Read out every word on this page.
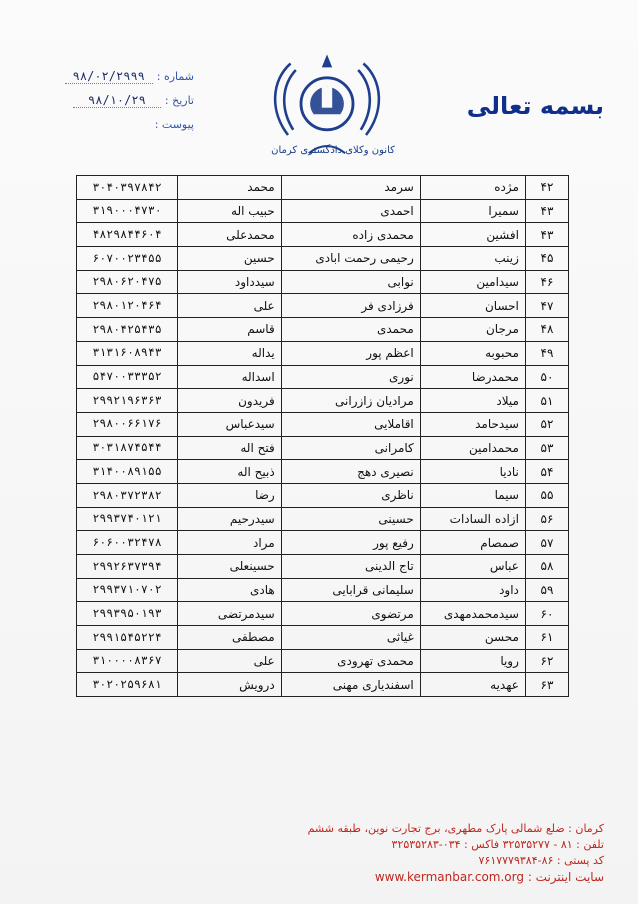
شماره :
۹۸/۰۲/۲۹۹۹
تاریخ :
۹۸/۱۰/۲۹
پیوست :
کانون وکلای دادگستری کرمان
بسمه تعالی
۴۲	مژده	سرمد	محمد	۳۰۴۰۳۹۷۸۴۲
۴۳	سمیرا	احمدی	حبیب اله	۳۱۹۰۰۰۴۷۳۰
۴۳	افشین	محمدی زاده	محمدعلی	۴۸۲۹۸۴۴۶۰۴
۴۵	زینب	رحیمی رحمت ابادی	حسین	۶۰۷۰۰۲۳۴۵۵
۴۶	سیدامین	نوابی	سیدداود	۲۹۸۰۶۲۰۴۷۵
۴۷	احسان	فرزادی فر	علی	۲۹۸۰۱۲۰۴۶۴
۴۸	مرجان	محمدی	قاسم	۲۹۸۰۴۲۵۴۳۵
۴۹	محبوبه	اعظم پور	یداله	۳۱۳۱۶۰۸۹۴۳
۵۰	محمدرضا	نوری	اسداله	۵۴۷۰۰۳۳۳۵۲
۵۱	میلاد	مرادیان زازرانی	فریدون	۲۹۹۲۱۹۶۳۶۳
۵۲	سیدحامد	اقاملایی	سیدعباس	۲۹۸۰۰۶۶۱۷۶
۵۳	محمدامین	کامرانی	فتح اله	۳۰۳۱۸۷۴۵۴۴
۵۴	نادیا	نصیری دهج	ذبیح اله	۳۱۴۰۰۸۹۱۵۵
۵۵	سیما	ناظری	رضا	۲۹۸۰۳۷۲۳۸۲
۵۶	ازاده السادات	حسینی	سیدرحیم	۲۹۹۳۷۴۰۱۲۱
۵۷	صمصام	رفیع پور	مراد	۶۰۶۰۰۳۲۴۷۸
۵۸	عباس	تاج الدینی	حسینعلی	۲۹۹۲۶۳۷۳۹۴
۵۹	داود	سلیمانی قرابایی	هادی	۲۹۹۳۷۱۰۷۰۲
۶۰	سیدمحمدمهدی	مرتضوی	سیدمرتضی	۲۹۹۳۹۵۰۱۹۳
۶۱	محسن	غیاثی	مصطفی	۲۹۹۱۵۴۵۲۲۴
۶۲	رویا	محمدی تهرودی	علی	۳۱۰۰۰۰۸۳۶۷
۶۳	عهدیه	اسفندیاری مهنی	درویش	۳۰۲۰۲۵۹۶۸۱
کرمان : ضلع شمالی پارک مطهری، برج تجارت نوین، طبقه ششم
تلفن : ۸۱ - ۳۲۵۳۵۲۷۷ فاکس : ۰۳۴-۳۲۵۳۵۲۸۳
کد پستی : ۸۶-۷۶۱۷۷۷۹۳۸۴
سایت اینترنت : www.kermanbar.com.org
